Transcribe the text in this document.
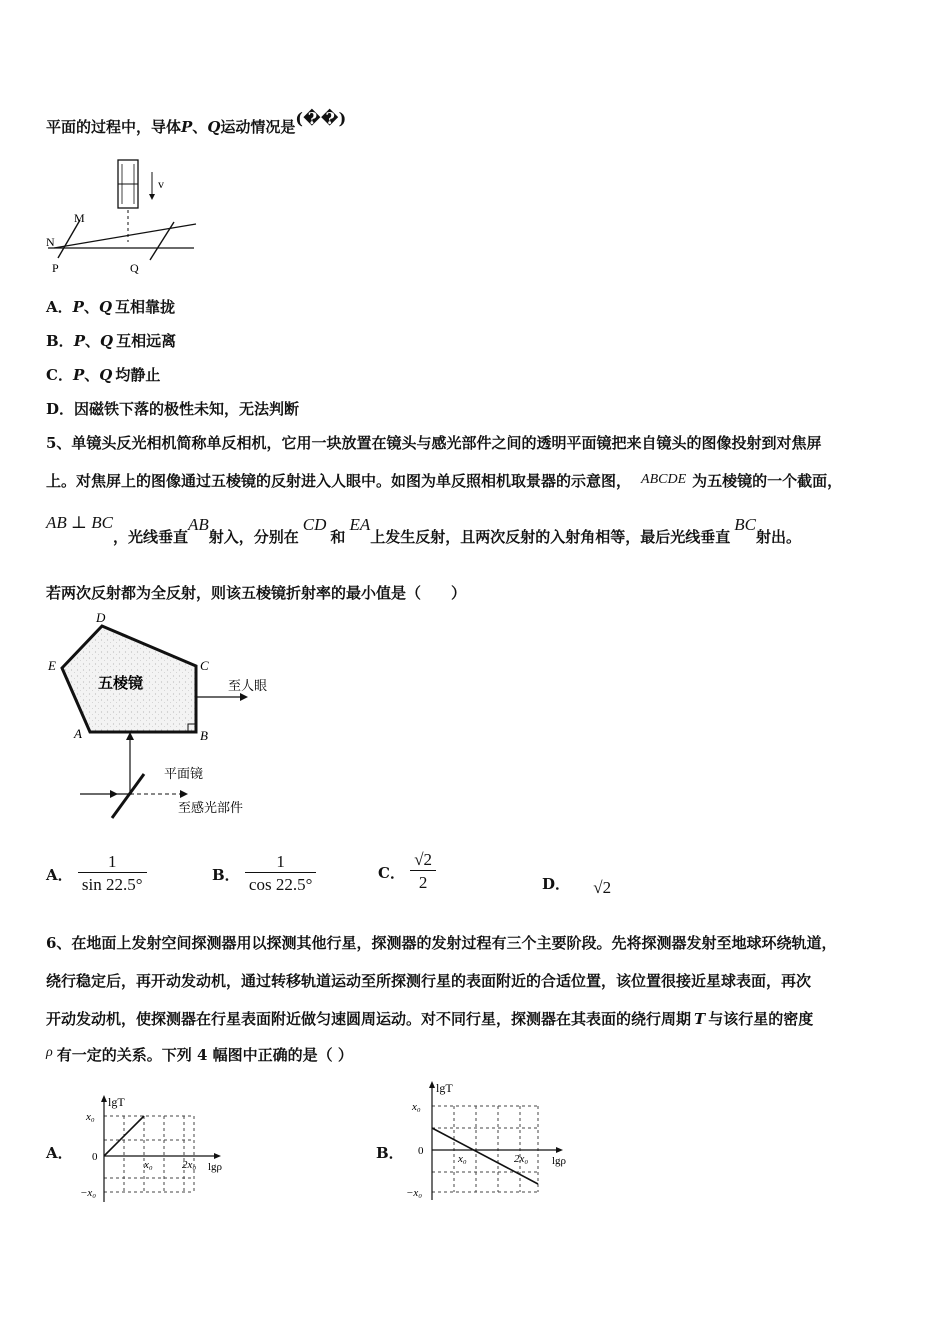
平面的过程中，导体P、Q运动情况是(��)
v
M
N
P	Q
A．P、Q 互相靠拢
B．P、Q 互相远离
C．P、Q 均静止
D．因磁铁下落的极性未知，无法判断
5、单镜头反光相机简称单反相机，它用一块放置在镜头与感光部件之间的透明平面镜把来自镜头的图像投射到对焦屏
上。对焦屏上的图像通过五棱镜的反射进入人眼中。如图为单反照相机取景器的示意图， ABCDE 为五棱镜的一个截面，
AB ⊥ BC，光线垂直AB射入，分别在CD和EA上发生反射，且两次反射的入射角相等，最后光线垂直BC射出。
若两次反射都为全反射，则该五棱镜折射率的最小值是（　　）
五棱镜
D
E	C
A	B
至人眼
平面镜
至感光部件
A． $\frac{1}{\sin 22.5^\circ}$	B． $\frac{1}{\cos 22.5^\circ}$	C． $\frac{√2}{2}$	D． √2
6、在地面上发射空间探测器用以探测其他行星，探测器的发射过程有三个主要阶段。先将探测器发射至地球环绕轨道，
绕行稳定后，再开动发动机，通过转移轨道运动至所探测行星的表面附近的合适位置，该位置很接近星球表面，再次
开动发动机，使探测器在行星表面附近做匀速圆周运动。对不同行星，探测器在其表面的绕行周期 T 与该行星的密度
ρ 有一定的关系。下列 4 幅图中正确的是（ ）
A．
lgT
x₀
0
−x₀
x₀	2x₀ lgρ
B．
lgT
x₀
0
−x₀
x₀	2x₀ lgρ
